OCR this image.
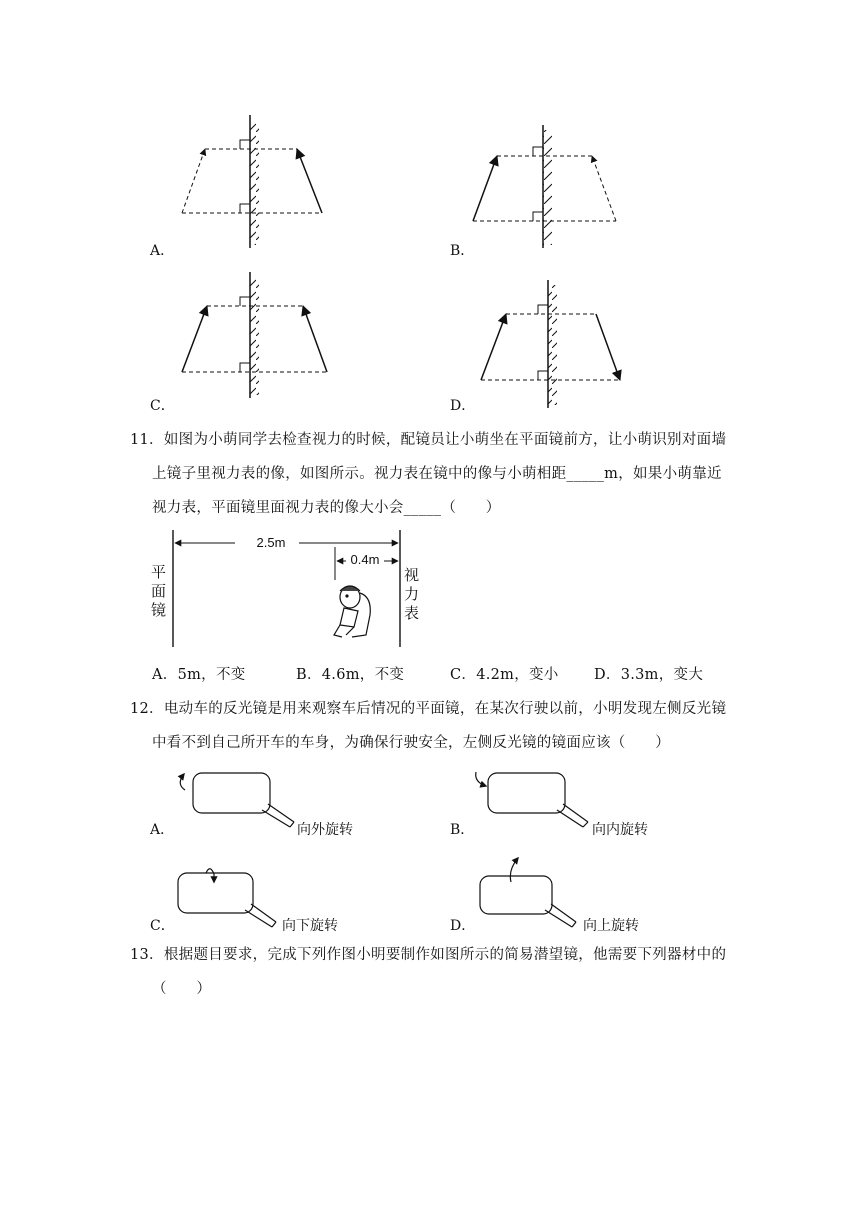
A．	B．
C．	D．
11．如图为小萌同学去检查视力的时候，配镜员让小萌坐在平面镜前方，让小萌识别对面墙
上镜子里视力表的像，如图所示。视力表在镜中的像与小萌相距_____m，如果小萌靠近
视力表，平面镜里面视力表的像大小会_____（　　）
2.5m
0.4m
平
面
镜
视
力
表
A．5m，不变	B．4.6m，不变	C．4.2m，变小 D．3.3m，变大
12．电动车的反光镜是用来观察车后情况的平面镜，在某次行驶以前，小明发现左侧反光镜
中看不到自己所开车的车身，为确保行驶安全，左侧反光镜的镜面应该（　　）
A．	向外旋转	B．	向内旋转
C．	向下旋转	D．	向上旋转
13．根据题目要求，完成下列作图小明要制作如图所示的简易潜望镜，他需要下列器材中的
（　　）
